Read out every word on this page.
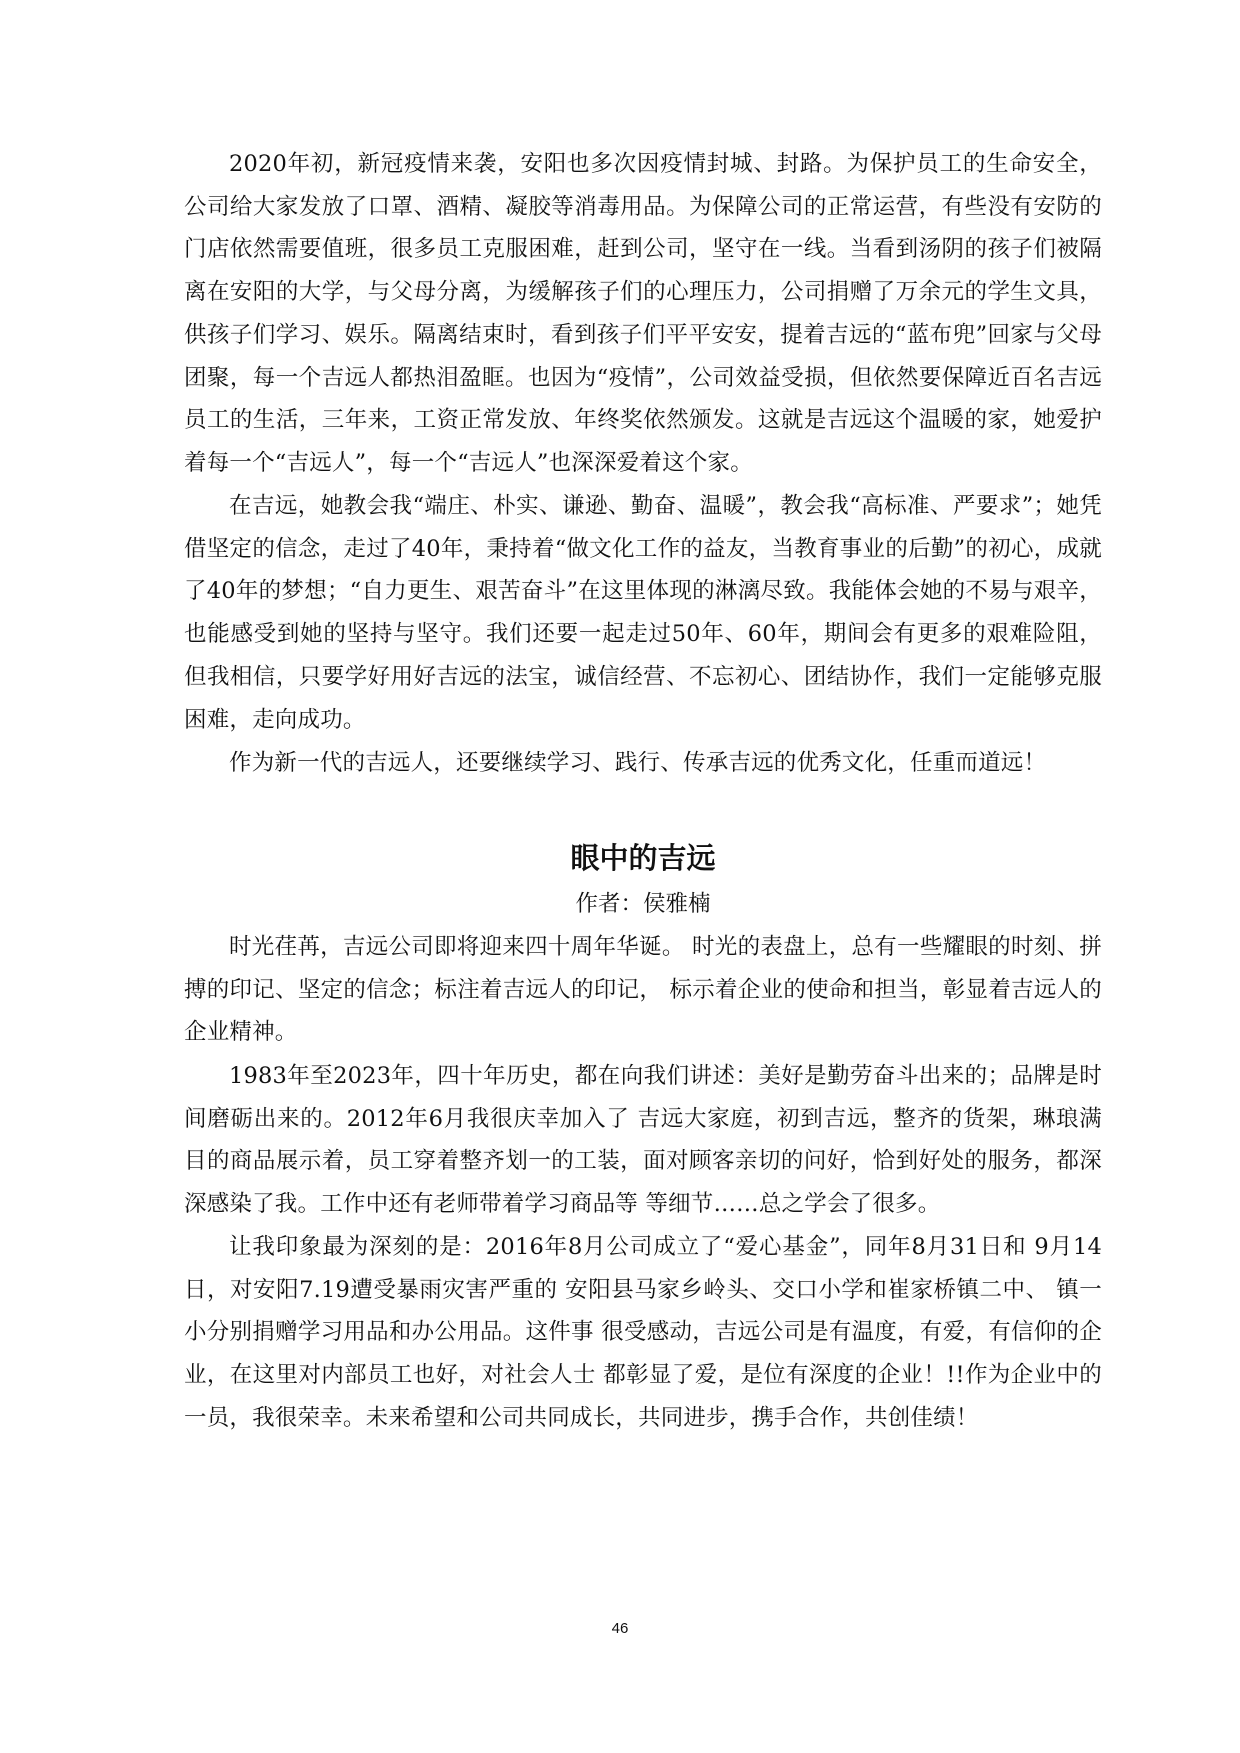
2020年初，新冠疫情来袭，安阳也多次因疫情封城、封路。为保护员工的生命安全，公司给大家发放了口罩、酒精、凝胶等消毒用品。为保障公司的正常运营，有些没有安防的门店依然需要值班，很多员工克服困难，赶到公司，坚守在一线。当看到汤阴的孩子们被隔离在安阳的大学，与父母分离，为缓解孩子们的心理压力，公司捐赠了万余元的学生文具，供孩子们学习、娱乐。隔离结束时，看到孩子们平平安安，提着吉远的“蓝布兜”回家与父母团聚，每一个吉远人都热泪盈眶。也因为“疫情”，公司效益受损，但依然要保障近百名吉远员工的生活，三年来，工资正常发放、年终奖依然颁发。这就是吉远这个温暖的家，她爱护着每一个“吉远人”，每一个“吉远人”也深深爱着这个家。

在吉远，她教会我“端庄、朴实、谦逊、勤奋、温暖”，教会我“高标准、严要求”；她凭借坚定的信念，走过了40年，秉持着“做文化工作的益友，当教育事业的后勤”的初心，成就了40年的梦想；“自力更生、艰苦奋斗”在这里体现的淋漓尽致。我能体会她的不易与艰辛，也能感受到她的坚持与坚守。我们还要一起走过50年、60年，期间会有更多的艰难险阻，但我相信，只要学好用好吉远的法宝，诚信经营、不忘初心、团结协作，我们一定能够克服困难，走向成功。

作为新一代的吉远人，还要继续学习、践行、传承吉远的优秀文化，任重而道远！

眼中的吉远
作者：侯雅楠

时光荏苒，吉远公司即将迎来四十周年华诞。 时光的表盘上，总有一些耀眼的时刻、拼搏的印记、坚定的信念；标注着吉远人的印记， 标示着企业的使命和担当，彰显着吉远人的企业精神。

1983年至2023年，四十年历史，都在向我们讲述：美好是勤劳奋斗出来的；品牌是时间磨砺出来的。2012年6月我很庆幸加入了 吉远大家庭，初到吉远，整齐的货架，琳琅满目的商品展示着，员工穿着整齐划一的工装，面对顾客亲切的问好，恰到好处的服务，都深 深感染了我。工作中还有老师带着学习商品等 等细节……总之学会了很多。

让我印象最为深刻的是：2016年8月公司成立了“爱心基金”，同年8月31日和 9月14日，对安阳7.19遭受暴雨灾害严重的 安阳县马家乡岭头、交口小学和崔家桥镇二中、 镇一小分别捐赠学习用品和办公用品。这件事 很受感动，吉远公司是有温度，有爱，有信仰的企业，在这里对内部员工也好，对社会人士 都彰显了爱，是位有深度的企业！!!作为企业中的一员，我很荣幸。未来希望和公司共同成长，共同进步，携手合作，共创佳绩！

46
